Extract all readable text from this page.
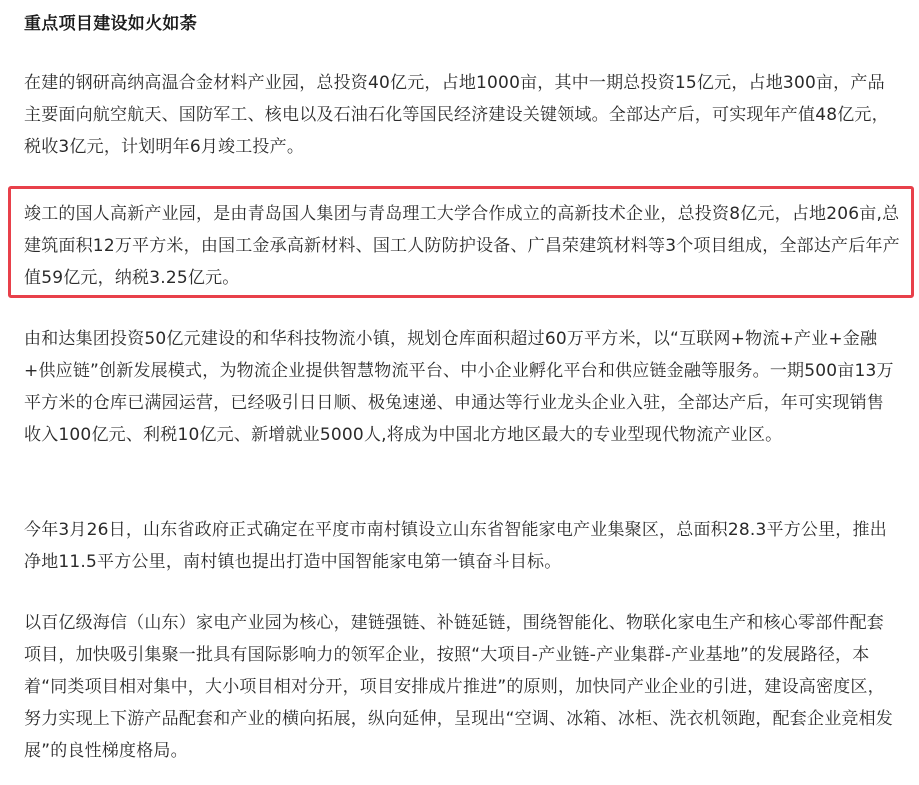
重点项目建设如火如荼

在建的钢研高纳高温合金材料产业园，总投资40亿元，占地1000亩，其中一期总投资15亿元，占地300亩，产品主要面向航空航天、国防军工、核电以及石油石化等国民经济建设关键领域。全部达产后，可实现年产值48亿元，税收3亿元，计划明年6月竣工投产。

竣工的国人高新产业园，是由青岛国人集团与青岛理工大学合作成立的高新技术企业，总投资8亿元，占地206亩,总建筑面积12万平方米，由国工金承高新材料、国工人防防护设备、广昌荣建筑材料等3个项目组成，全部达产后年产值59亿元，纳税3.25亿元。

由和达集团投资50亿元建设的和华科技物流小镇，规划仓库面积超过60万平方米，以“互联网+物流+产业+金融+供应链”创新发展模式，为物流企业提供智慧物流平台、中小企业孵化平台和供应链金融等服务。一期500亩13万平方米的仓库已满园运营，已经吸引日日顺、极兔速递、申通达等行业龙头企业入驻，全部达产后，年可实现销售收入100亿元、利税10亿元、新增就业5000人,将成为中国北方地区最大的专业型现代物流产业区。

今年3月26日，山东省政府正式确定在平度市南村镇设立山东省智能家电产业集聚区，总面积28.3平方公里，推出净地11.5平方公里，南村镇也提出打造中国智能家电第一镇奋斗目标。

以百亿级海信（山东）家电产业园为核心，建链强链、补链延链，围绕智能化、物联化家电生产和核心零部件配套项目，加快吸引集聚一批具有国际影响力的领军企业，按照“大项目-产业链-产业集群-产业基地”的发展路径，本着“同类项目相对集中，大小项目相对分开，项目安排成片推进”的原则，加快同产业企业的引进，建设高密度区，努力实现上下游产品配套和产业的横向拓展，纵向延伸，呈现出“空调、冰箱、冰柜、洗衣机领跑，配套企业竞相发展”的良性梯度格局。
